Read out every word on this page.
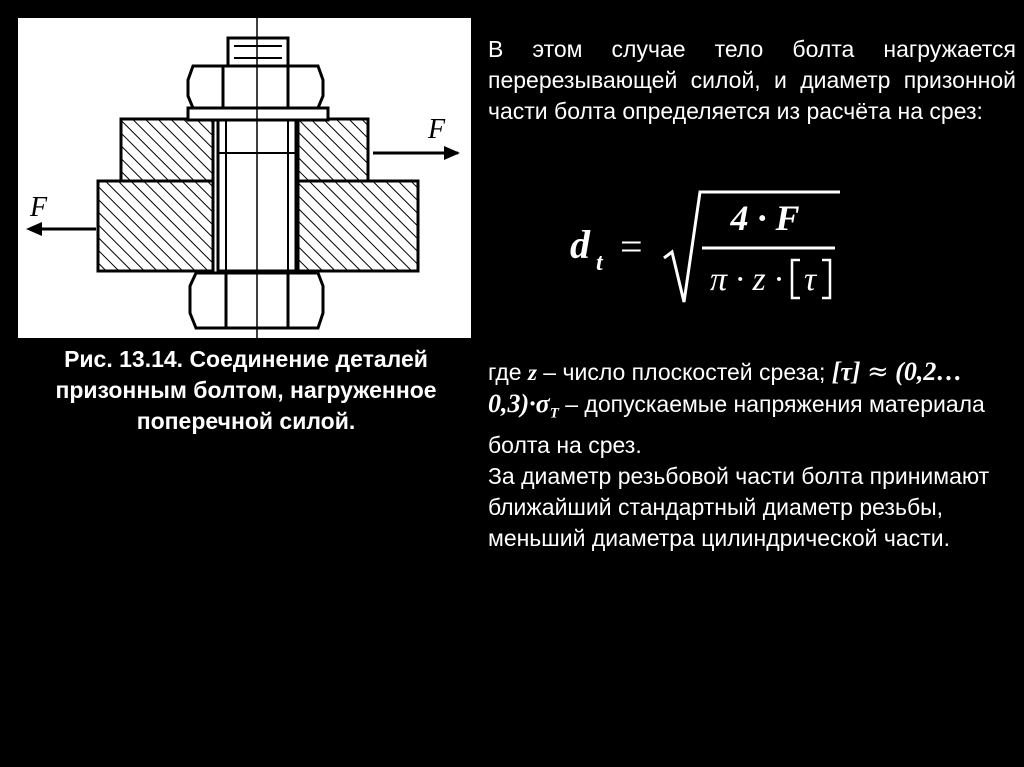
F
F
Рис. 13.14. Соединение деталей призонным болтом, нагруженное поперечной силой.
В этом случае тело болта нагружается перерезывающей силой, и диаметр призонной части болта определяется из расчёта на срез:
d t =
4 · F
π · z · τ
где z – число плоскостей среза; $[\tau] \approx (0,2\dots 0,3)\cdot\sigma_T$ – допускаемые напряжения материала болта на срез.
За диаметр резьбовой части болта принимают ближайший стандартный диаметр резьбы, меньший диаметра цилиндрической части.
